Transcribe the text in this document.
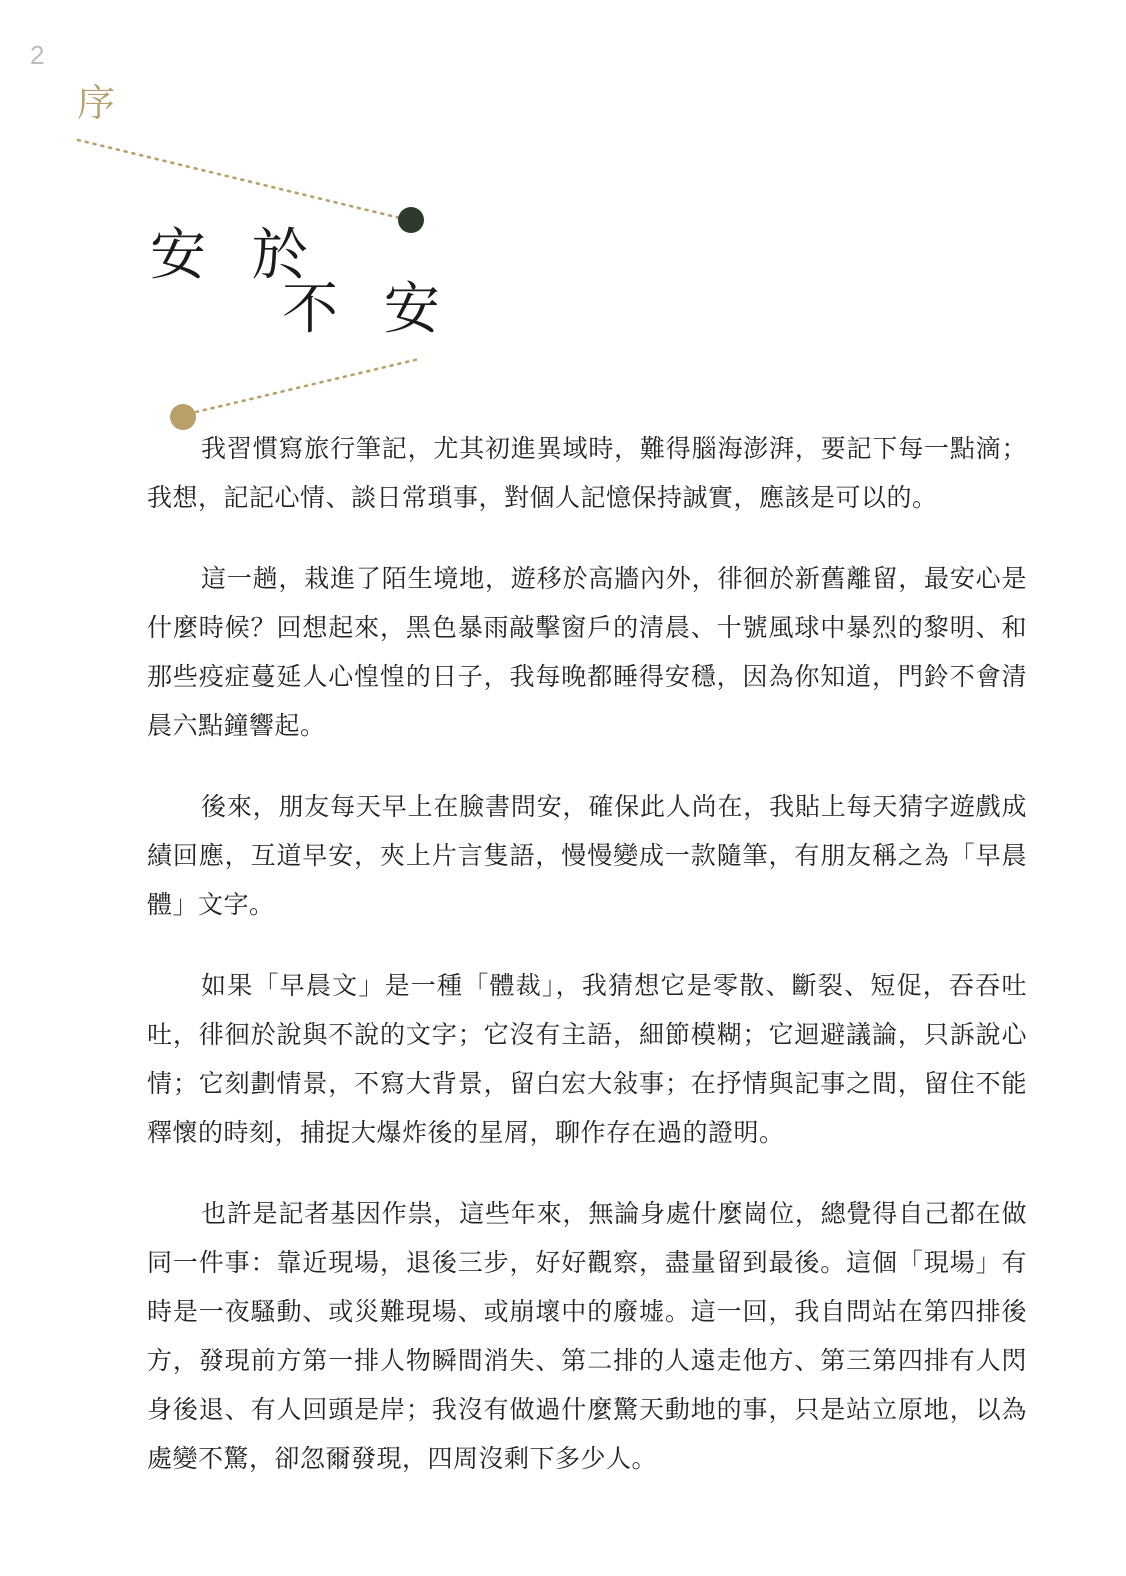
2
序
安 於
不 安

我習慣寫旅行筆記，尤其初進異域時，難得腦海澎湃，要記下每一點滴；我想，記記心情、談日常瑣事，對個人記憶保持誠實，應該是可以的。

這一趟，栽進了陌生境地，遊移於高牆內外，徘徊於新舊離留，最安心是什麼時候？回想起來，黑色暴雨敲擊窗戶的清晨、十號風球中暴烈的黎明、和那些疫症蔓延人心惶惶的日子，我每晚都睡得安穩，因為你知道，門鈴不會清晨六點鐘響起。

後來，朋友每天早上在臉書問安，確保此人尚在，我貼上每天猜字遊戲成績回應，互道早安，夾上片言隻語，慢慢變成一款隨筆，有朋友稱之為「早晨體」文字。

如果「早晨文」是一種「體裁」，我猜想它是零散、斷裂、短促，吞吞吐吐，徘徊於說與不說的文字；它沒有主語，細節模糊；它迴避議論，只訴說心情；它刻劃情景，不寫大背景，留白宏大敍事；在抒情與記事之間，留住不能釋懷的時刻，捕捉大爆炸後的星屑，聊作存在過的證明。

也許是記者基因作祟，這些年來，無論身處什麼崗位，總覺得自己都在做同一件事：靠近現場，退後三步，好好觀察，盡量留到最後。這個「現場」有時是一夜騷動、或災難現場、或崩壞中的廢墟。這一回，我自問站在第四排後方，發現前方第一排人物瞬間消失、第二排的人遠走他方、第三第四排有人閃身後退、有人回頭是岸；我沒有做過什麼驚天動地的事，只是站立原地，以為處變不驚，卻忽爾發現，四周沒剩下多少人。
